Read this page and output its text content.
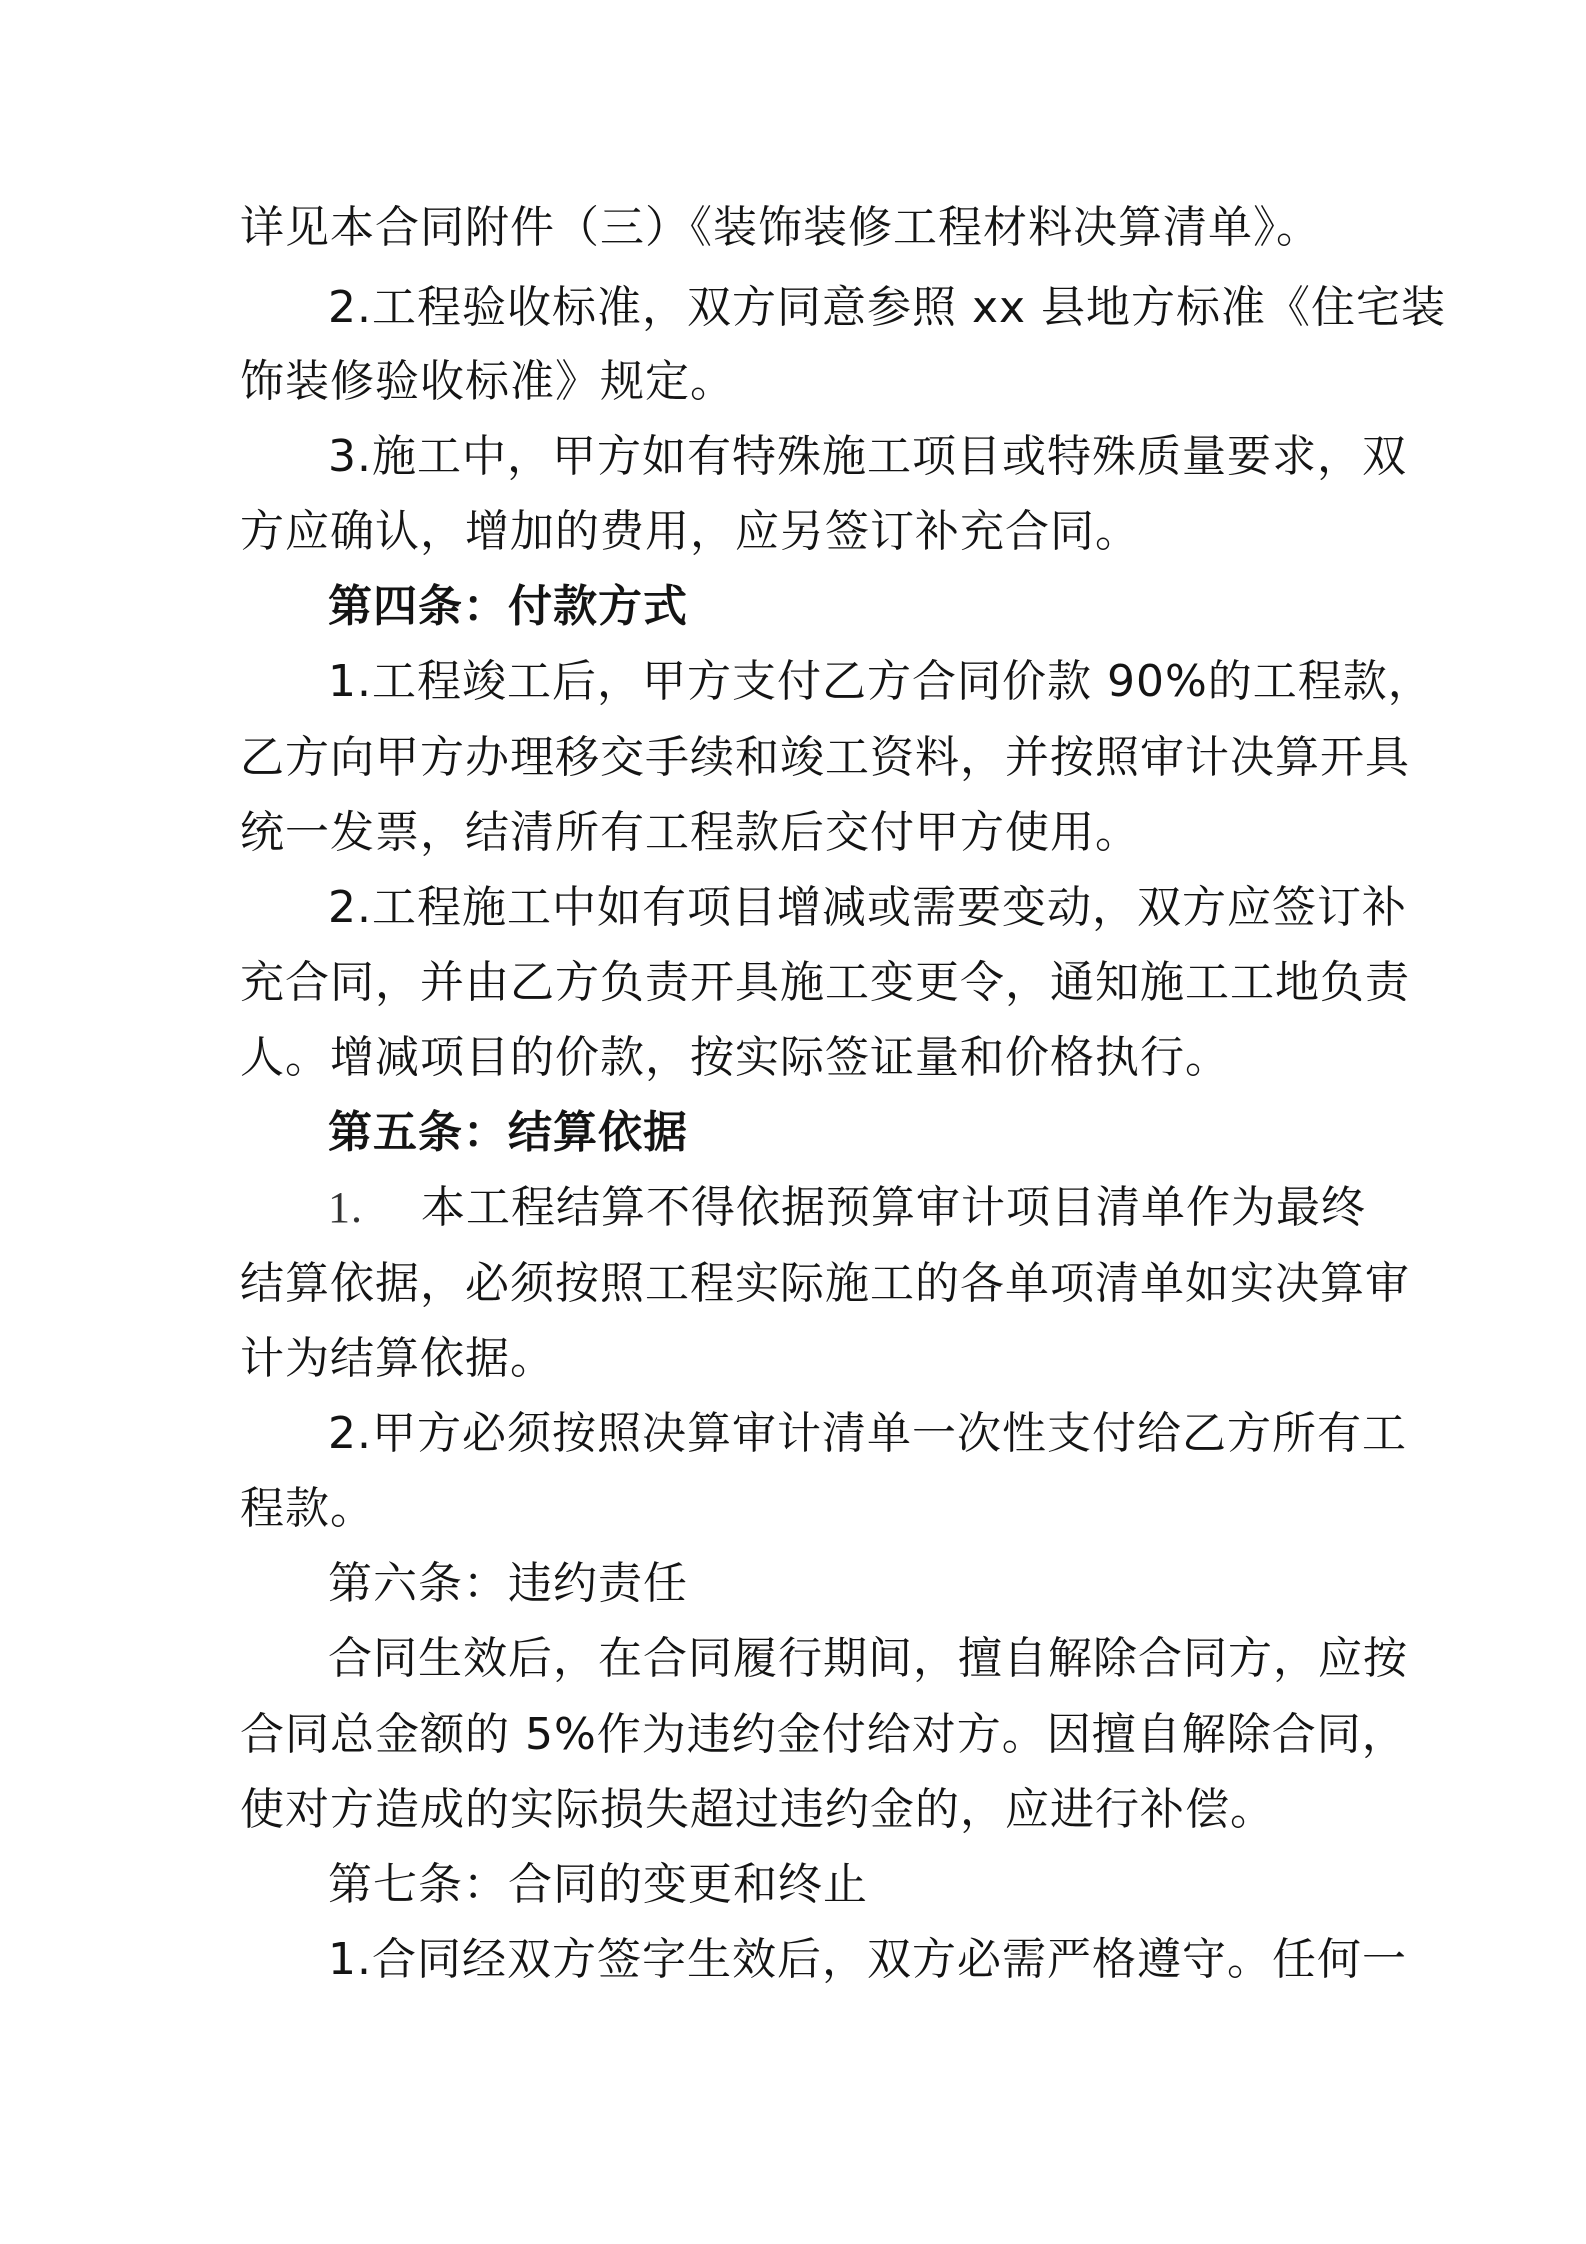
详见本合同附件（三）《装饰装修工程材料决算清单》。
2.工程验收标准，双方同意参照 xx 县地方标准《住宅装
饰装修验收标准》规定。
3.施工中，甲方如有特殊施工项目或特殊质量要求，双
方应确认，增加的费用，应另签订补充合同。
第四条：付款方式
1.工程竣工后，甲方支付乙方合同价款 90%的工程款，
乙方向甲方办理移交手续和竣工资料，并按照审计决算开具
统一发票，结清所有工程款后交付甲方使用。
2.工程施工中如有项目增减或需要变动，双方应签订补
充合同，并由乙方负责开具施工变更令，通知施工工地负责
人。增减项目的价款，按实际签证量和价格执行。
第五条：结算依据
1. 本工程结算不得依据预算审计项目清单作为最终
结算依据，必须按照工程实际施工的各单项清单如实决算审
计为结算依据。
2.甲方必须按照决算审计清单一次性支付给乙方所有工
程款。
第六条：违约责任
合同生效后，在合同履行期间，擅自解除合同方，应按
合同总金额的 5%作为违约金付给对方。因擅自解除合同，
使对方造成的实际损失超过违约金的，应进行补偿。
第七条：合同的变更和终止
1.合同经双方签字生效后，双方必需严格遵守。任何一
